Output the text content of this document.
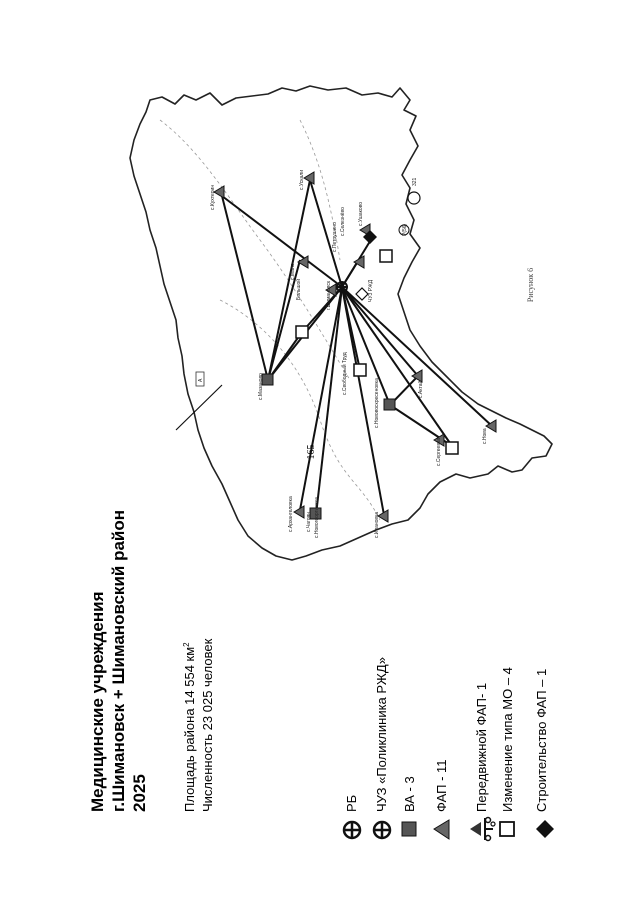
165
Медицинские учреждения г.Шимановск + Шимановский район 2025	Площадь района 14 554 $км^2$ Численность 23 025 человек	РБ ЧУЗ «Поликлиника РЖД» ВА - 3 ФАП - 11 Передвижной ФАП- 1 Изменение типа МО – 4 Строительство ФАП – 1
с.Кухтерин
с.Ускали
с.Мало-
Большой
с.Мазаново
г.Шимановск	ЧУЗ РЖД
с.Свободный Труд	с.Актай
с.Нововоскресеновка
с.Сергеевка
с.Нова
с.Архангеловка	с.Ивановка
с.Чагоян с.Новогеоргиевка
с.Петрушино
с.Селезнёво с.Ушаково
321
P(56)
А
Рисунок 6
